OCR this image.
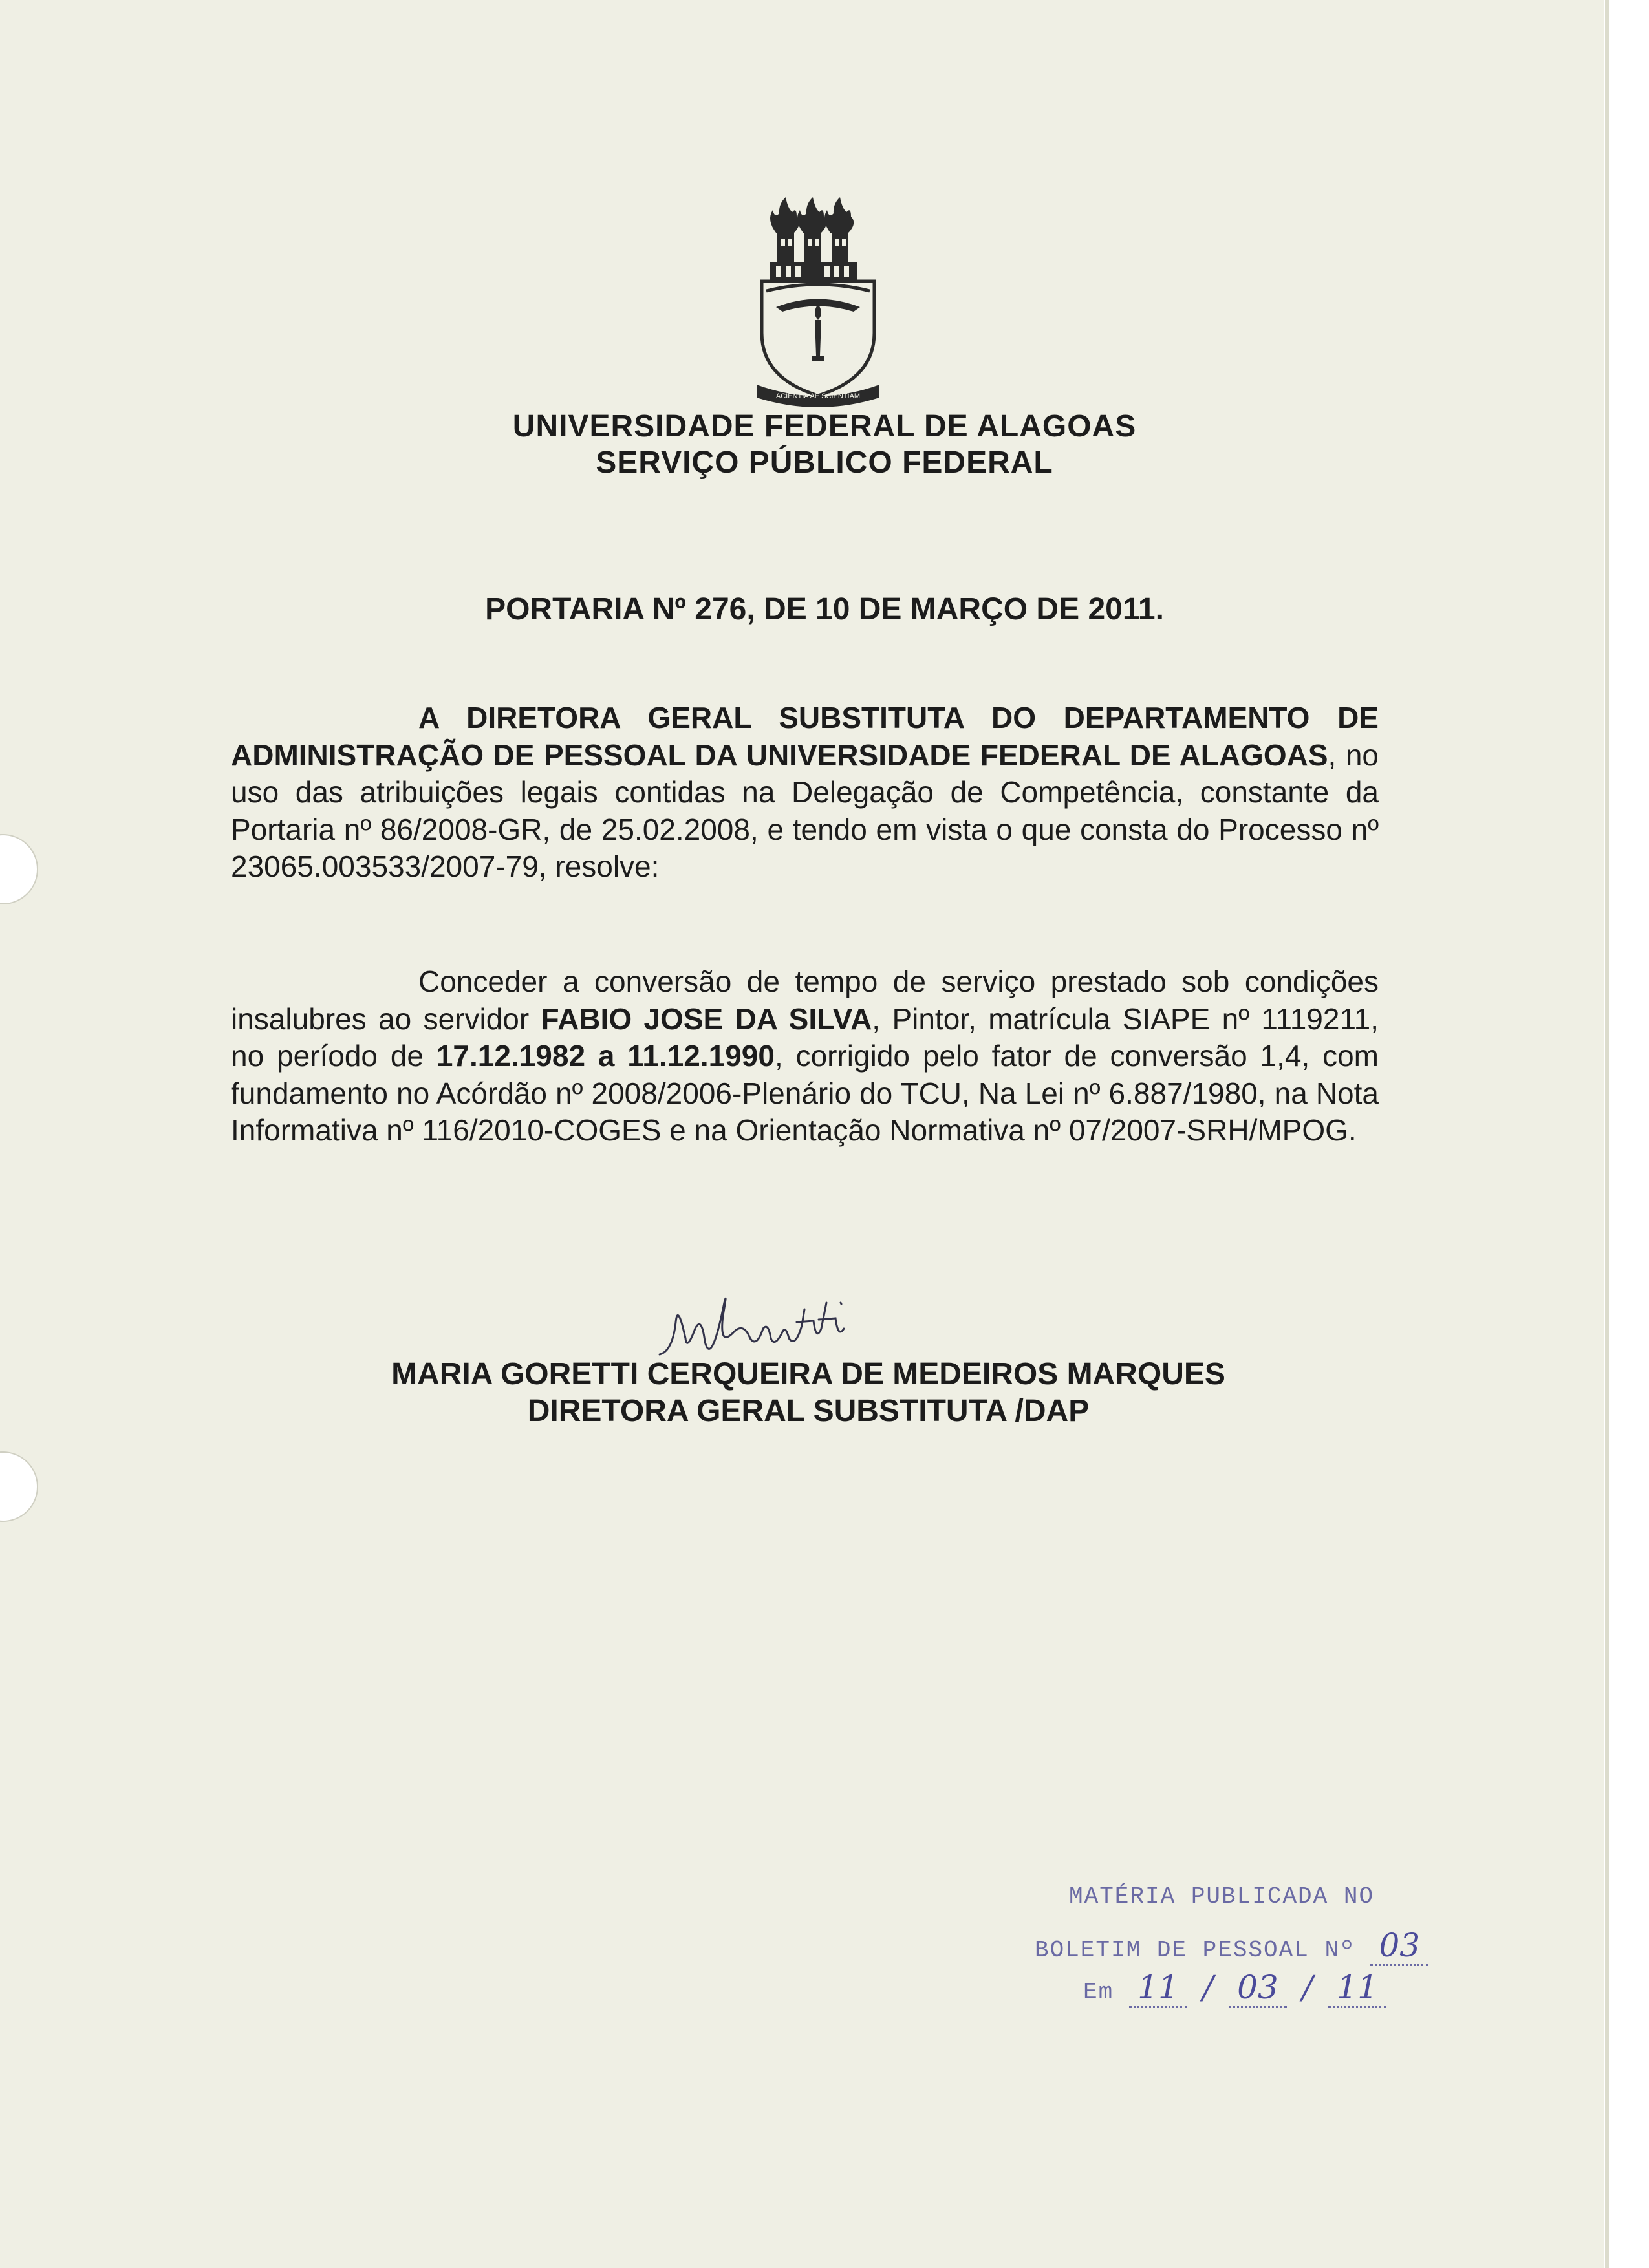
ACIENTIA AE SCIENTIAM
UNIVERSIDADE FEDERAL DE ALAGOAS
SERVIÇO PÚBLICO FEDERAL
PORTARIA Nº 276, DE 10 DE MARÇO DE 2011.

A DIRETORA GERAL SUBSTITUTA DO DEPARTAMENTO DE ADMINISTRAÇÃO DE PESSOAL DA UNIVERSIDADE FEDERAL DE ALAGOAS, no uso das atribuições legais contidas na Delegação de Competência, constante da Portaria nº 86/2008-GR, de 25.02.2008, e tendo em vista o que consta do Processo nº 23065.003533/2007-79, resolve:

Conceder a conversão de tempo de serviço prestado sob condições insalubres ao servidor FABIO JOSE DA SILVA, Pintor, matrícula SIAPE nº 1119211, no período de 17.12.1982 a 11.12.1990, corrigido pelo fator de conversão 1,4, com fundamento no Acórdão nº 2008/2006-Plenário do TCU, Na Lei nº 6.887/1980, na Nota Informativa nº 116/2010-COGES e na Orientação Normativa nº 07/2007-SRH/MPOG.

MARIA GORETTI CERQUEIRA DE MEDEIROS MARQUES
DIRETORA GERAL SUBSTITUTA /DAP
MATÉRIA PUBLICADA NO
BOLETIM DE PESSOAL Nº 03
Em 11 / 03 / 11
